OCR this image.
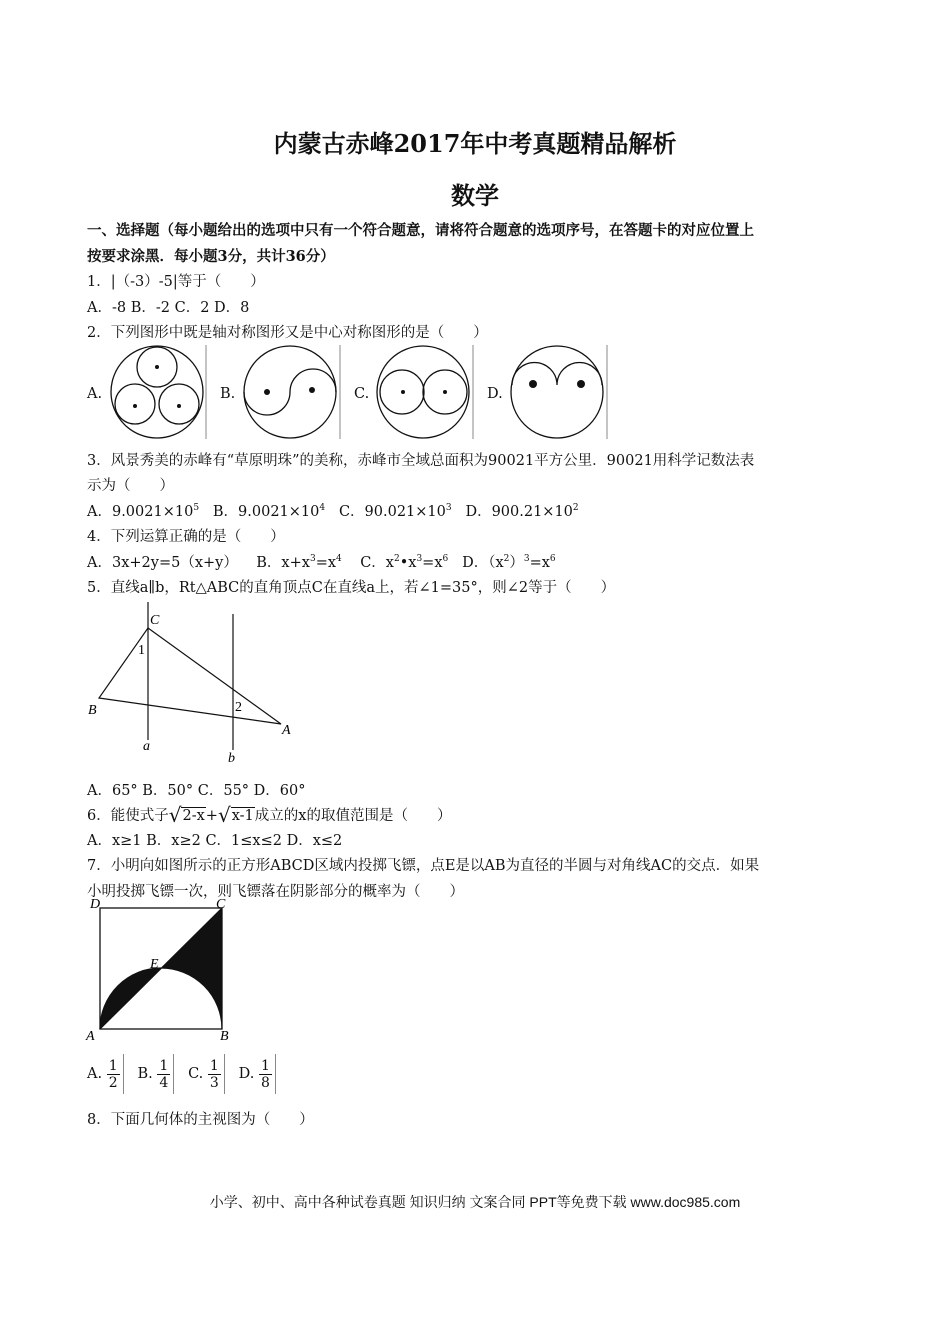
内蒙古赤峰2017年中考真题精品解析
数学
一、选择题（每小题给出的选项中只有一个符合题意，请将符合题意的选项序号，在答题卡的对应位置上
按要求涂黑．每小题3分，共计36分）
1．|（-3）-5|等于（　　）
A．-8 B．-2 C．2 D．8
2．下列图形中既是轴对称图形又是中心对称图形的是（　　）
A.	B.	C.	D.
3．风景秀美的赤峰有“草原明珠”的美称，赤峰市全域总面积为90021平方公里．90021用科学记数法表
示为（　　）
A．$9.0021\times 10^5$ B．$9.0021\times 10^4$ C．$90.021\times 10^3$ D．$900.21\times 10^2$
4．下列运算正确的是（　　）
A．3x+2y=5（x+y） B．$x+x^3=x^4$ C．$x^2•x^3=x^6$ D．$(x^2)^3=x^6$
5．直线a∥b，Rt△ABC的直角顶点C在直线a上，若∠1=35°，则∠2等于（　　）
C
1
B	2
A
a
b
A．65° B．50° C．55° D．60°
6．能使式子√2-x+√x-1成立的x的取值范围是（　　）
A．x≥1 B．x≥2 C．1≤x≤2 D．x≤2
7．小明向如图所示的正方形ABCD区域内投掷飞镖，点E是以AB为直径的半圆与对角线AC的交点．如果
小明投掷飞镖一次，则飞镖落在阴影部分的概率为（　　）
D	C
E
A	B
A. $\frac{1}{2} B$. $\frac{1}{4} C$. $\frac{1}{3} D$. $\frac{1}{8}$
8．下面几何体的主视图为（　　）
小学、初中、高中各种试卷真题 知识归纳 文案合同 PPT等免费下载 www.doc985.com
